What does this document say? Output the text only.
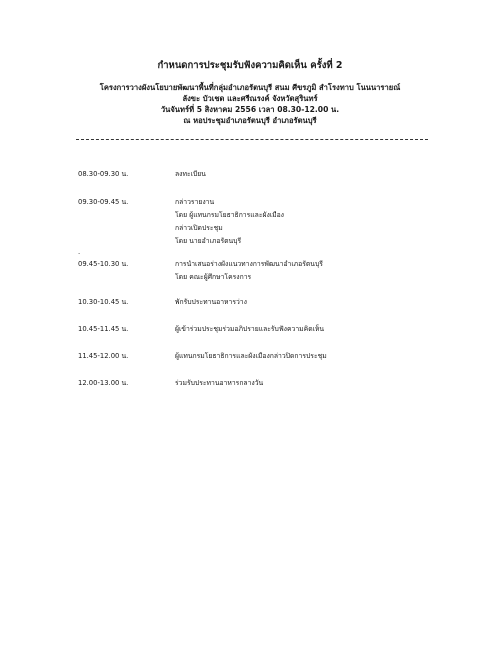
กำหนดการประชุมรับฟังความคิดเห็น ครั้งที่ 2
โครงการวางผังนโยบายพัฒนาพื้นที่กลุ่มอำเภอรัตนบุรี สนม ศีขรภูมิ สำโรงทาบ โนนนารายณ์
ลังขะ บัวเชด และศรีณรงค์ จังหวัดสุรินทร์
วันจันทร์ที่ 5 สิงหาคม 2556 เวลา 08.30-12.00 น.
ณ หอประชุมอำเภอรัตนบุรี อำเภอรัตนบุรี
08.30-09.30 น.	ลงทะเบียน
09.30-09.45 น.	กล่าวรายงาน
โดย ผู้แทนกรมโยธาธิการและผังเมือง
กล่าวเปิดประชุม
โดย นายอำเภอรัตนบุรี
.
09.45-10.30 น.	การนำเสนอร่างผังแนวทางการพัฒนาอำเภอรัตนบุรี
โดย คณะผู้ศึกษาโครงการ
10.30-10.45 น.	พักรับประทานอาหารว่าง
10.45-11.45 น.	ผู้เข้าร่วมประชุมร่วมอภิปรายและรับฟังความคิดเห็น
11.45-12.00 น.	ผู้แทนกรมโยธาธิการและผังเมืองกล่าวปิดการประชุม
12.00-13.00 น.	ร่วมรับประทานอาหารกลางวัน
